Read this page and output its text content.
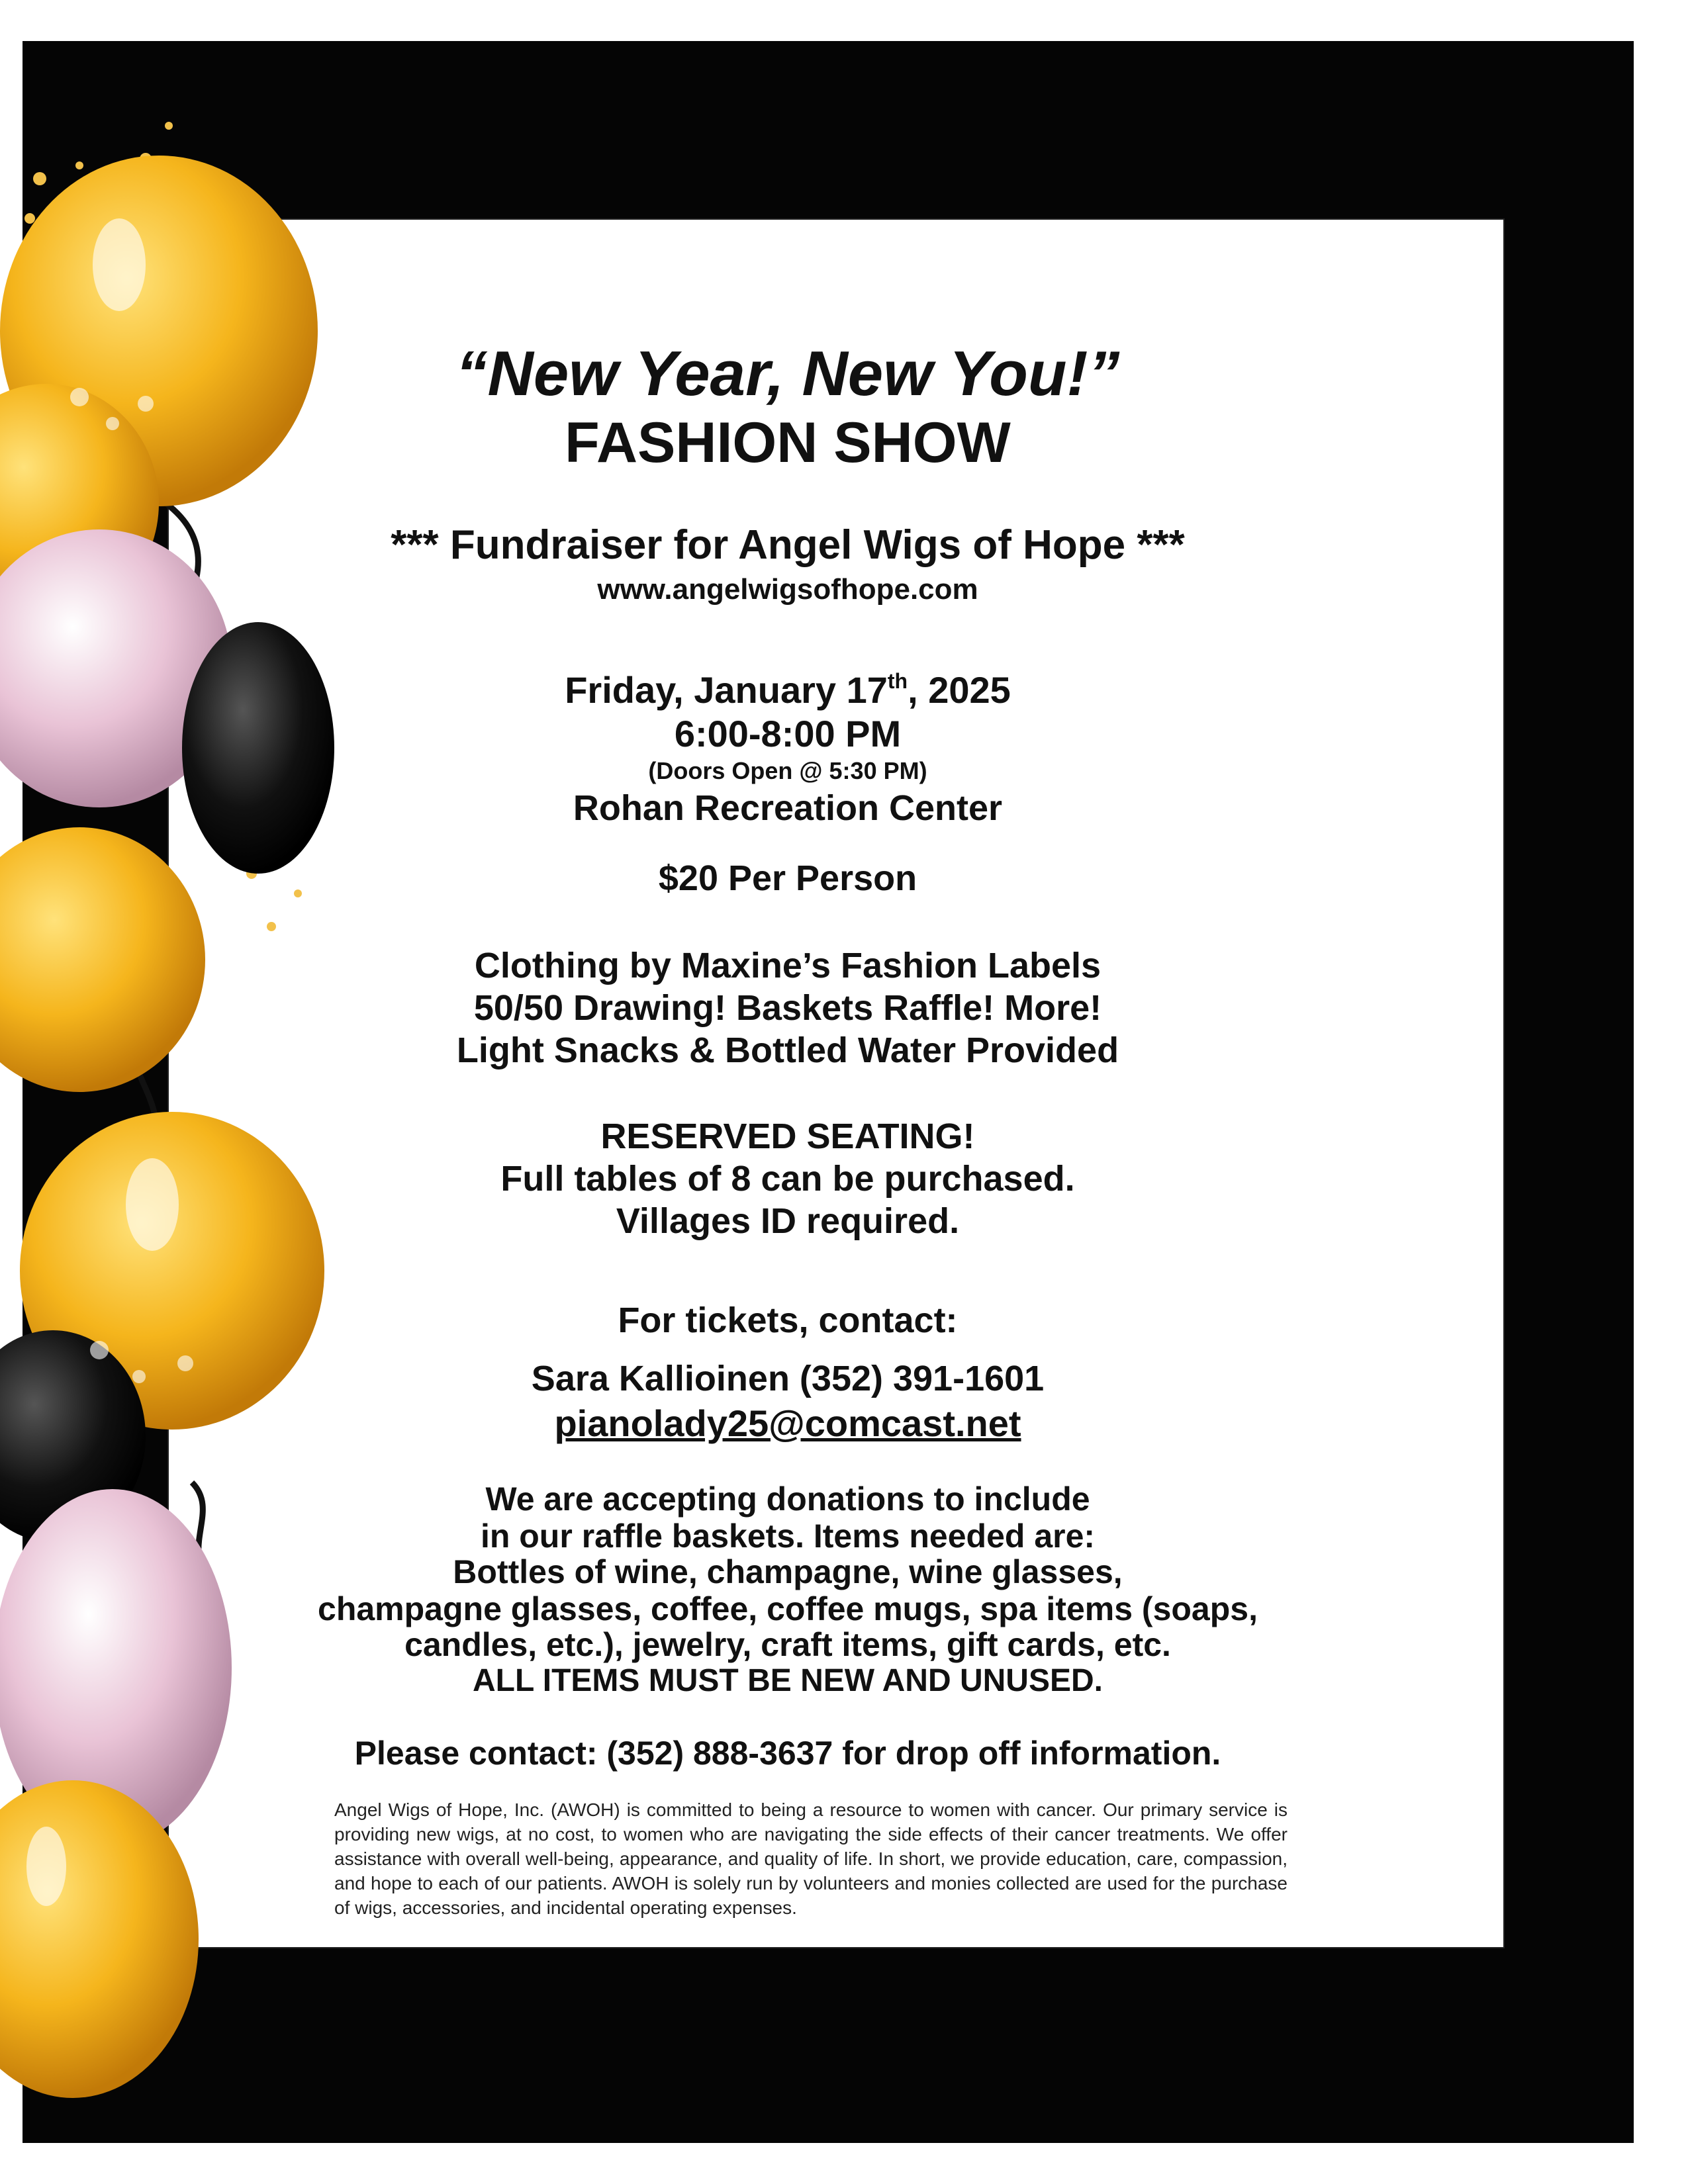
“New Year, New You!”
FASHION SHOW
*** Fundraiser for Angel Wigs of Hope ***
www.angelwigsofhope.com
Friday, January 17th, 2025
6:00-8:00 PM
(Doors Open @ 5:30 PM)
Rohan Recreation Center
$20 Per Person
Clothing by Maxine’s Fashion Labels
50/50 Drawing! Baskets Raffle! More!
Light Snacks & Bottled Water Provided
RESERVED SEATING!
Full tables of 8 can be purchased.
Villages ID required.
For tickets, contact:
Sara Kallioinen (352) 391-1601
pianolady25@comcast.net
We are accepting donations to include
in our raffle baskets. Items needed are:
Bottles of wine, champagne, wine glasses,
champagne glasses, coffee, coffee mugs, spa items (soaps,
candles, etc.), jewelry, craft items, gift cards, etc.
ALL ITEMS MUST BE NEW AND UNUSED.
Please contact: (352) 888-3637 for drop off information.
Angel Wigs of Hope, Inc. (AWOH) is committed to being a resource to women with cancer. Our primary service is providing new wigs, at no cost, to women who are navigating the side effects of their cancer treatments. We offer assistance with overall well-being, appearance, and quality of life. In short, we provide education, care, compassion, and hope to each of our patients. AWOH is solely run by volunteers and monies collected are used for the purchase of wigs, accessories, and incidental operating expenses.
